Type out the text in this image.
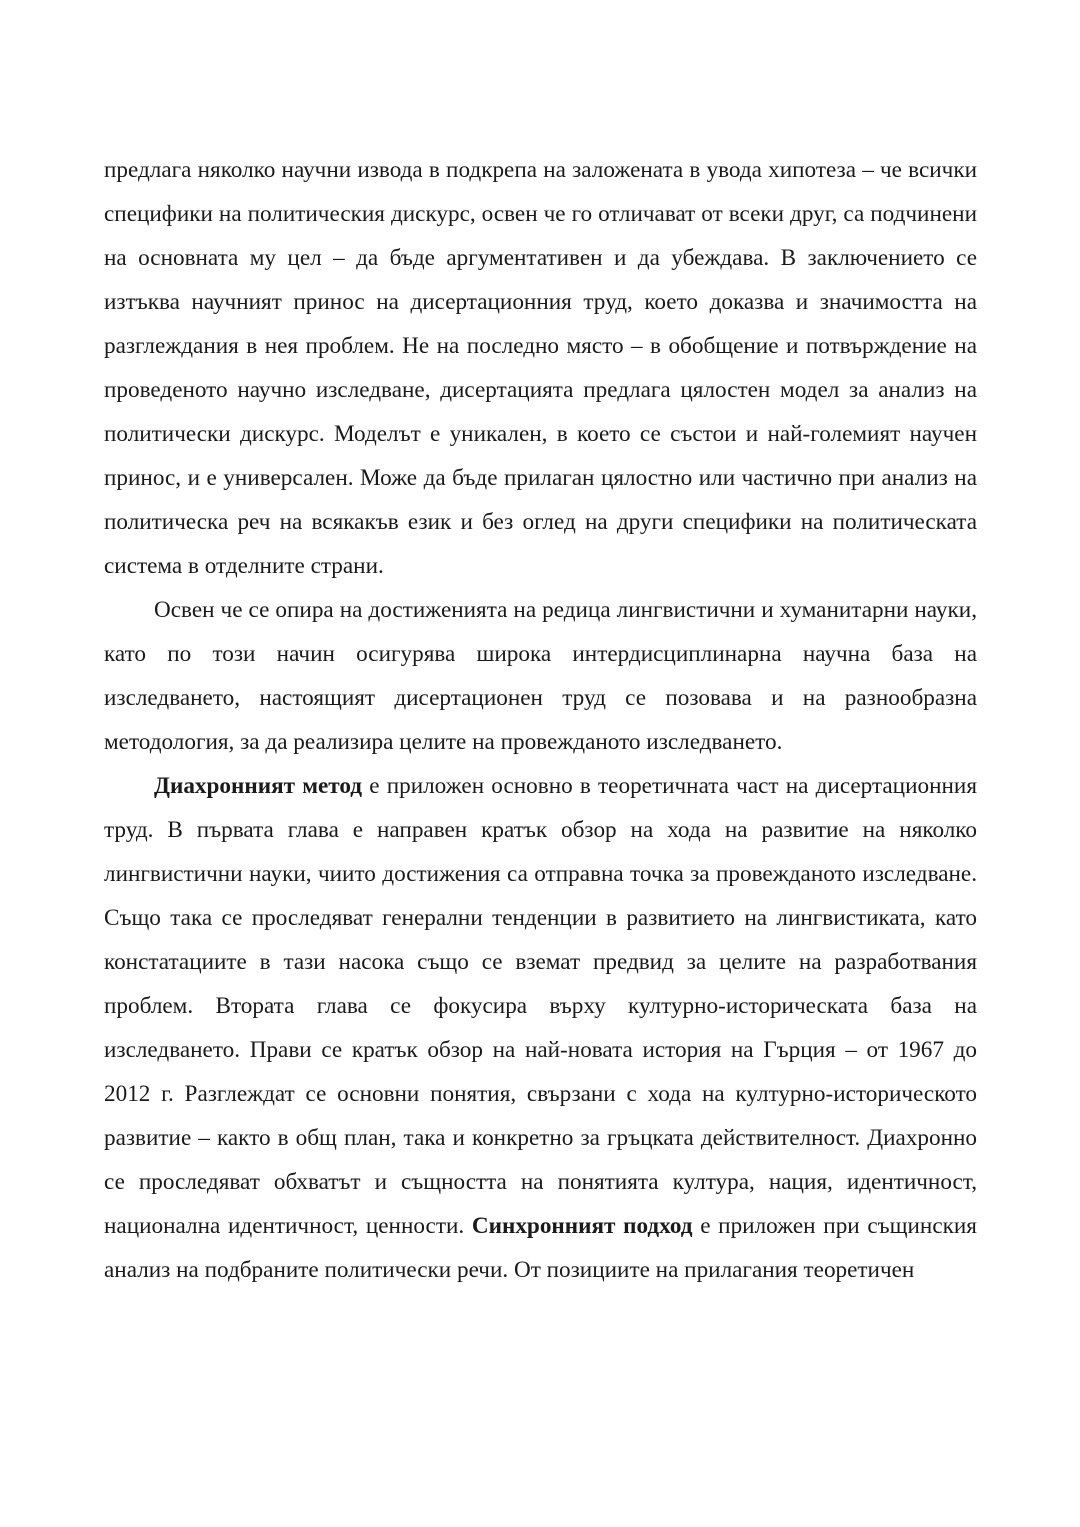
предлага няколко научни извода в подкрепа на заложената в увода хипотеза – че всички специфики на политическия дискурс, освен че го отличават от всеки друг, са подчинени на основната му цел – да бъде аргументативен и да убеждава. В заключението се изтъква научният принос на дисертационния труд, което доказва и значимостта на разглеждания в нея проблем. Не на последно място – в обобщение и потвърждение на проведеното научно изследване, дисертацията предлага цялостен модел за анализ на политически дискурс. Моделът е уникален, в което се състои и най-големият научен принос, и е универсален. Може да бъде прилаган цялостно или частично при анализ на политическа реч на всякакъв език и без оглед на други специфики на политическата система в отделните страни.

Освен че се опира на достиженията на редица лингвистични и хуманитарни науки, като по този начин осигурява широка интердисциплинарна научна база на изследването, настоящият дисертационен труд се позовава и на разнообразна методология, за да реализира целите на провежданото изследването.

Диахронният метод е приложен основно в теоретичната част на дисертационния труд. В първата глава е направен кратък обзор на хода на развитие на няколко лингвистични науки, чиито достижения са отправна точка за провежданото изследване. Също така се проследяват генерални тенденции в развитието на лингвистиката, като констатациите в тази насока също се вземат предвид за целите на разработвания проблем. Втората глава се фокусира върху културно-историческата база на изследването. Прави се кратък обзор на най-новата история на Гърция – от 1967 до 2012 г. Разглеждат се основни понятия, свързани с хода на културно-историческото развитие – както в общ план, така и конкретно за гръцката действителност. Диахронно се проследяват обхватът и същността на понятията култура, нация, идентичност, национална идентичност, ценности. Синхронният подход е приложен при същинския анализ на подбраните политически речи. От позициите на прилагания теоретичен
